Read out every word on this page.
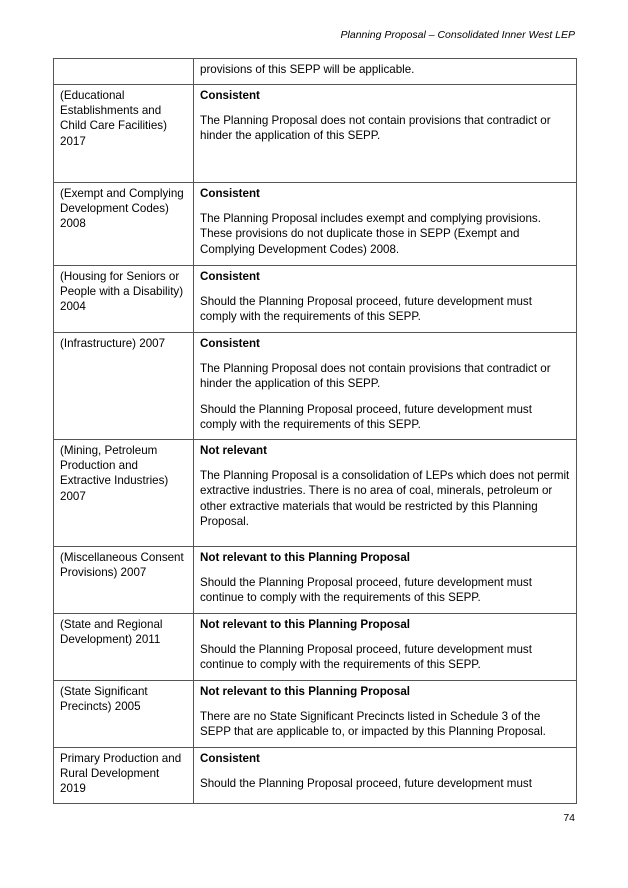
Planning Proposal – Consolidated Inner West LEP

	provisions of this SEPP will be applicable.

(Educational Establishments and Child Care Facilities) 2017	Consistent
The Planning Proposal does not contain provisions that contradict or hinder the application of this SEPP.

(Exempt and Complying Development Codes) 2008	Consistent
The Planning Proposal includes exempt and complying provisions. These provisions do not duplicate those in SEPP (Exempt and Complying Development Codes) 2008.

(Housing for Seniors or People with a Disability) 2004	Consistent
Should the Planning Proposal proceed, future development must comply with the requirements of this SEPP.

(Infrastructure) 2007	Consistent
The Planning Proposal does not contain provisions that contradict or hinder the application of this SEPP.
Should the Planning Proposal proceed, future development must comply with the requirements of this SEPP.

(Mining, Petroleum Production and Extractive Industries) 2007	Not relevant
The Planning Proposal is a consolidation of LEPs which does not permit extractive industries. There is no area of coal, minerals, petroleum or other extractive materials that would be restricted by this Planning Proposal.

(Miscellaneous Consent Provisions) 2007	Not relevant to this Planning Proposal
Should the Planning Proposal proceed, future development must continue to comply with the requirements of this SEPP.

(State and Regional Development) 2011	Not relevant to this Planning Proposal
Should the Planning Proposal proceed, future development must continue to comply with the requirements of this SEPP.

(State Significant Precincts) 2005	Not relevant to this Planning Proposal
There are no State Significant Precincts listed in Schedule 3 of the SEPP that are applicable to, or impacted by this Planning Proposal.

Primary Production and Rural Development 2019	Consistent
Should the Planning Proposal proceed, future development must
74
